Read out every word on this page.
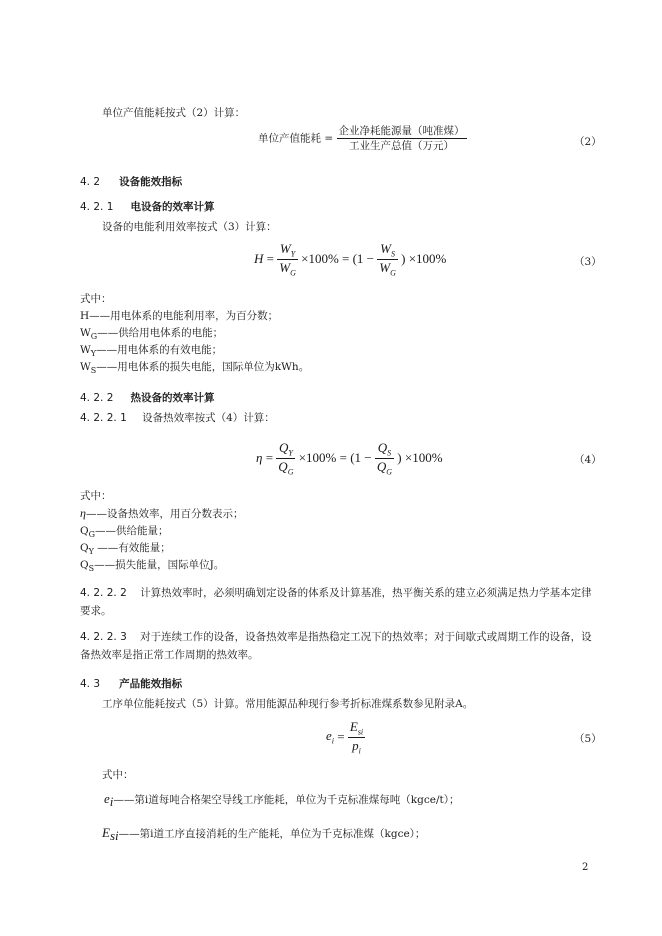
单位产值能耗按式（2）计算：
单位产值能耗 = $\frac{\text{企业净耗能源量（吨准煤）}}{\text{工业生产总值（万元）}}$	（2）
4. 2 设备能效指标
4. 2. 1 电设备的效率计算
设备的电能利用效率按式（3）计算：
$H = \frac{W_Y}{W_G} \times 100\% = (1 - \frac{W_S}{W_G}$ ) ×100%	（3）
式中：
H——用电体系的电能利用率，为百分数；
$W_G——$供给用电体系的电能；
$W_Y——$用电体系的有效电能；
$W_S——$用电体系的损失电能，国际单位为kWh。
4. 2. 2 热设备的效率计算
4. 2. 2. 1 设备热效率按式（4）计算：
$\eta = \frac{Q_Y}{Q_G} \times 100\% = (1 - \frac{Q_S}{Q_G}$ ) ×100%	（4）
式中：
η——设备热效率，用百分数表示；
$Q_G——$供给能量；
$Q_Y$ ——有效能量；
$Q_S——$损失能量，国际单位J。
4. 2. 2. 2 计算热效率时，必须明确划定设备的体系及计算基准，热平衡关系的建立必须满足热力学基本定律要求。
4. 2. 2. 3 对于连续工作的设备，设备热效率是指热稳定工况下的热效率；对于间歇式或周期工作的设备，设备热效率是指正常工作周期的热效率。
4. 3 产品能效指标
工序单位能耗按式（5）计算。常用能源品种现行参考折标准煤系数参见附录A。
$e_i = \frac{E_{si}}{p_i}$	（5）
式中：
$e_i——$第i道每吨合格架空导线工序能耗，单位为千克标准煤每吨（kgce/t）；
$E_{si}——$第i道工序直接消耗的生产能耗，单位为千克标准煤（kgce）；
2
